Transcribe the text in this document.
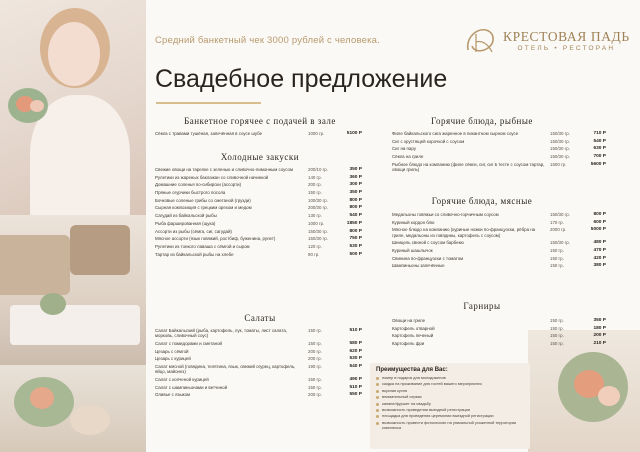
Средний банкетный чек 3000 рублей с человека.	КРЕСТОВАЯ ПАДЬ
ОТЕЛЬ • РЕСТОРАН
Свадебное предложение
Банкетное горячее с подачей в зале
Сёмга с травами тушёная, запечённая в соусе шубе	1000 гр.	5100 Р
Холодные закуски
Свежие овощи на тарелке с зеленью и сливочно-лимонным соусом	200/10 гр.	350 Р
Рулетики из жареных баклажан со сливочной начинкой	140 гр.	360 Р
Домашние соленья по-сибирски (ассорти)	200 гр.	300 Р
Пряные огурчики быстрого посола	150 гр.	350 Р
Бочковые соленые грибы со сметаной (грузди)	100/30 гр.	800 Р
Сырная композиция с грецким орехом и медом	200/30 гр.	800 Р
Сагудай из байкальской рыбы	130 гр.	540 Р
Рыба фаршированная (щука)	1000 гр.	1850 Р
Ассорти из рыбы (сёмга, сиг, сагудай)	150/30 гр.	800 Р
Мясное ассорти (язык говяжий, ростбиф, буженина, рулет)	150/30 гр.	750 Р
Рулетики из тонкого лаваша с сёмгой и сыром	120 гр.	530 Р
Тартар из байкальской рыбы на хлебе	90 гр.	500 Р
Салаты
Салат Байкальский (рыба, картофель, лук, томаты, лист салата, морковь, сливочный соус)
150 гр.	510 Р
Салат с помидорами и сметаной	150 гр.	580 Р
Цезарь с сёмгой	200 гр.	620 Р
Цезарь с курицей	200 гр.	530 Р
Салат мясной (говядина, телятина, язык, свежий огурец, картофель, яйцо, майонез)
190 гр.	540 Р
Салат с копченой курицей	150 гр.	490 Р
Салат с шампиньонами и ветчиной	150 гр.	510 Р
Оливье с языком	200 гр.	550 Р
Горячие блюда, рыбные
Филе байкальского сига жаренное в пикантном сырном соусе	150/30 гр.	710 Р
Сиг с хрустящей корочкой с соусом	150/30 гр.	540 Р
Сиг на пару	150/30 гр.	630 Р
Сёмга на гриле	150/30 гр.	700 Р
Рыбное блюдо на компанию (филе сёмги, сиг, сиг в тесте с соусом тартар, овощи гриль)
1500 гр.	5600 Р
Горячие блюда, мясные
Медальоны говяжьи со сливочно-горчичным соусом	150/30 гр.	800 Р
Куриный кордон блю	170 гр.	600 Р
Мясное блюдо на компанию (куриные ножки по-французски, рёбра на гриле, медальоны из говядины, картофель с соусом)
2000 гр.	5000 Р
Шницель свиной с соусом барбекю	150/30 гр.	480 Р
Куриный шашлычок	150 гр.	470 Р
Свинина по-французски с томатом	150 гр.	420 Р
Шампиньоны запечённые	150 гр.	380 Р
Гарниры
Овощи на гриле	150 гр.	350 Р
Картофель отварной	150 гр.	180 Р
Картофель печеный	150 гр.	200 Р
Картофель фри	150 гр.	210 Р
Преимущества для Вас:
номер в подарок для молодоженов
скидка на проживание для гостей вашего мероприятия
вкусная кухня
внимательный сервис
канапе/фуршет на свадьбу
возможность проведения выездной регистрации
площадка для проведения церемонии выездной регистрации
возможность провести фотосессию на уникальной ухоженной территории комплекса
